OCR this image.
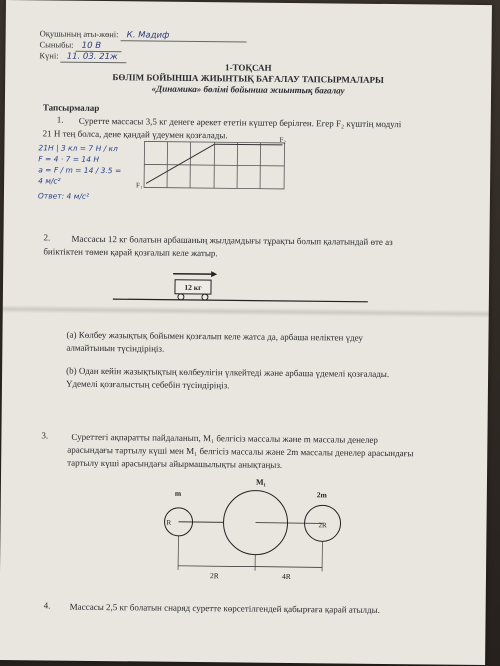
Оқушының аты-жөні: К. Мадиф
Сыныбы: 10 В
Күні: 11. 03. 21ж
1-ТОҚСАН
БӨЛІМ БОЙЫНША ЖИЫНТЫҚ БАҒАЛАУ ТАПСЫРМАЛАРЫ
«Динамика» бөлімі бойынша жиынтық бағалау
Тапсырмалар
1. Суретте массасы 3,5 кг денеге әрекет ететін күштер берілген. Егер F₂ күштің модулі
21 Н тең болса, дене қандай үдеумен қозғалады.	F₂
F₁
21Н | 3 кл = 7 Н / кл
F = 4 · 7 = 14 Н
a = F / m = 14 / 3.5 =
4 м/с²
Ответ: 4 м/с²
2. Массасы 12 кг болатын арбашаның жылдамдығы тұрақты болып қалатындай өте аз
биіктіктен төмен қарай қозғалып келе жатыр.
12 кг
(a) Көлбеу жазықтық бойымен қозғалып келе жатса да, арбаша неліктен үдеу
алмайтынын түсіндіріңіз.
(b) Одан кейін жазықтықтың көлбеулігін үлкейтеді және арбаша үдемелі қозғалады.
Үдемелі қозғалыстың себебін түсіндіріңіз.
3.	Суреттегі ақпаратты пайдаланып, M₁ белгісіз массалы және m массалы денелер
арасындағы тартылу күші мен M₁ белгісіз массалы және 2m массалы денелер арасындағы
тартылу күші арасындағы айырмашылықты анықтаңыз.
M₁
m
R
2m
2R
2R	4R
4. Массасы 2,5 кг болатын снаряд суретте көрсетілгендей қабырғаға қарай атылды.
